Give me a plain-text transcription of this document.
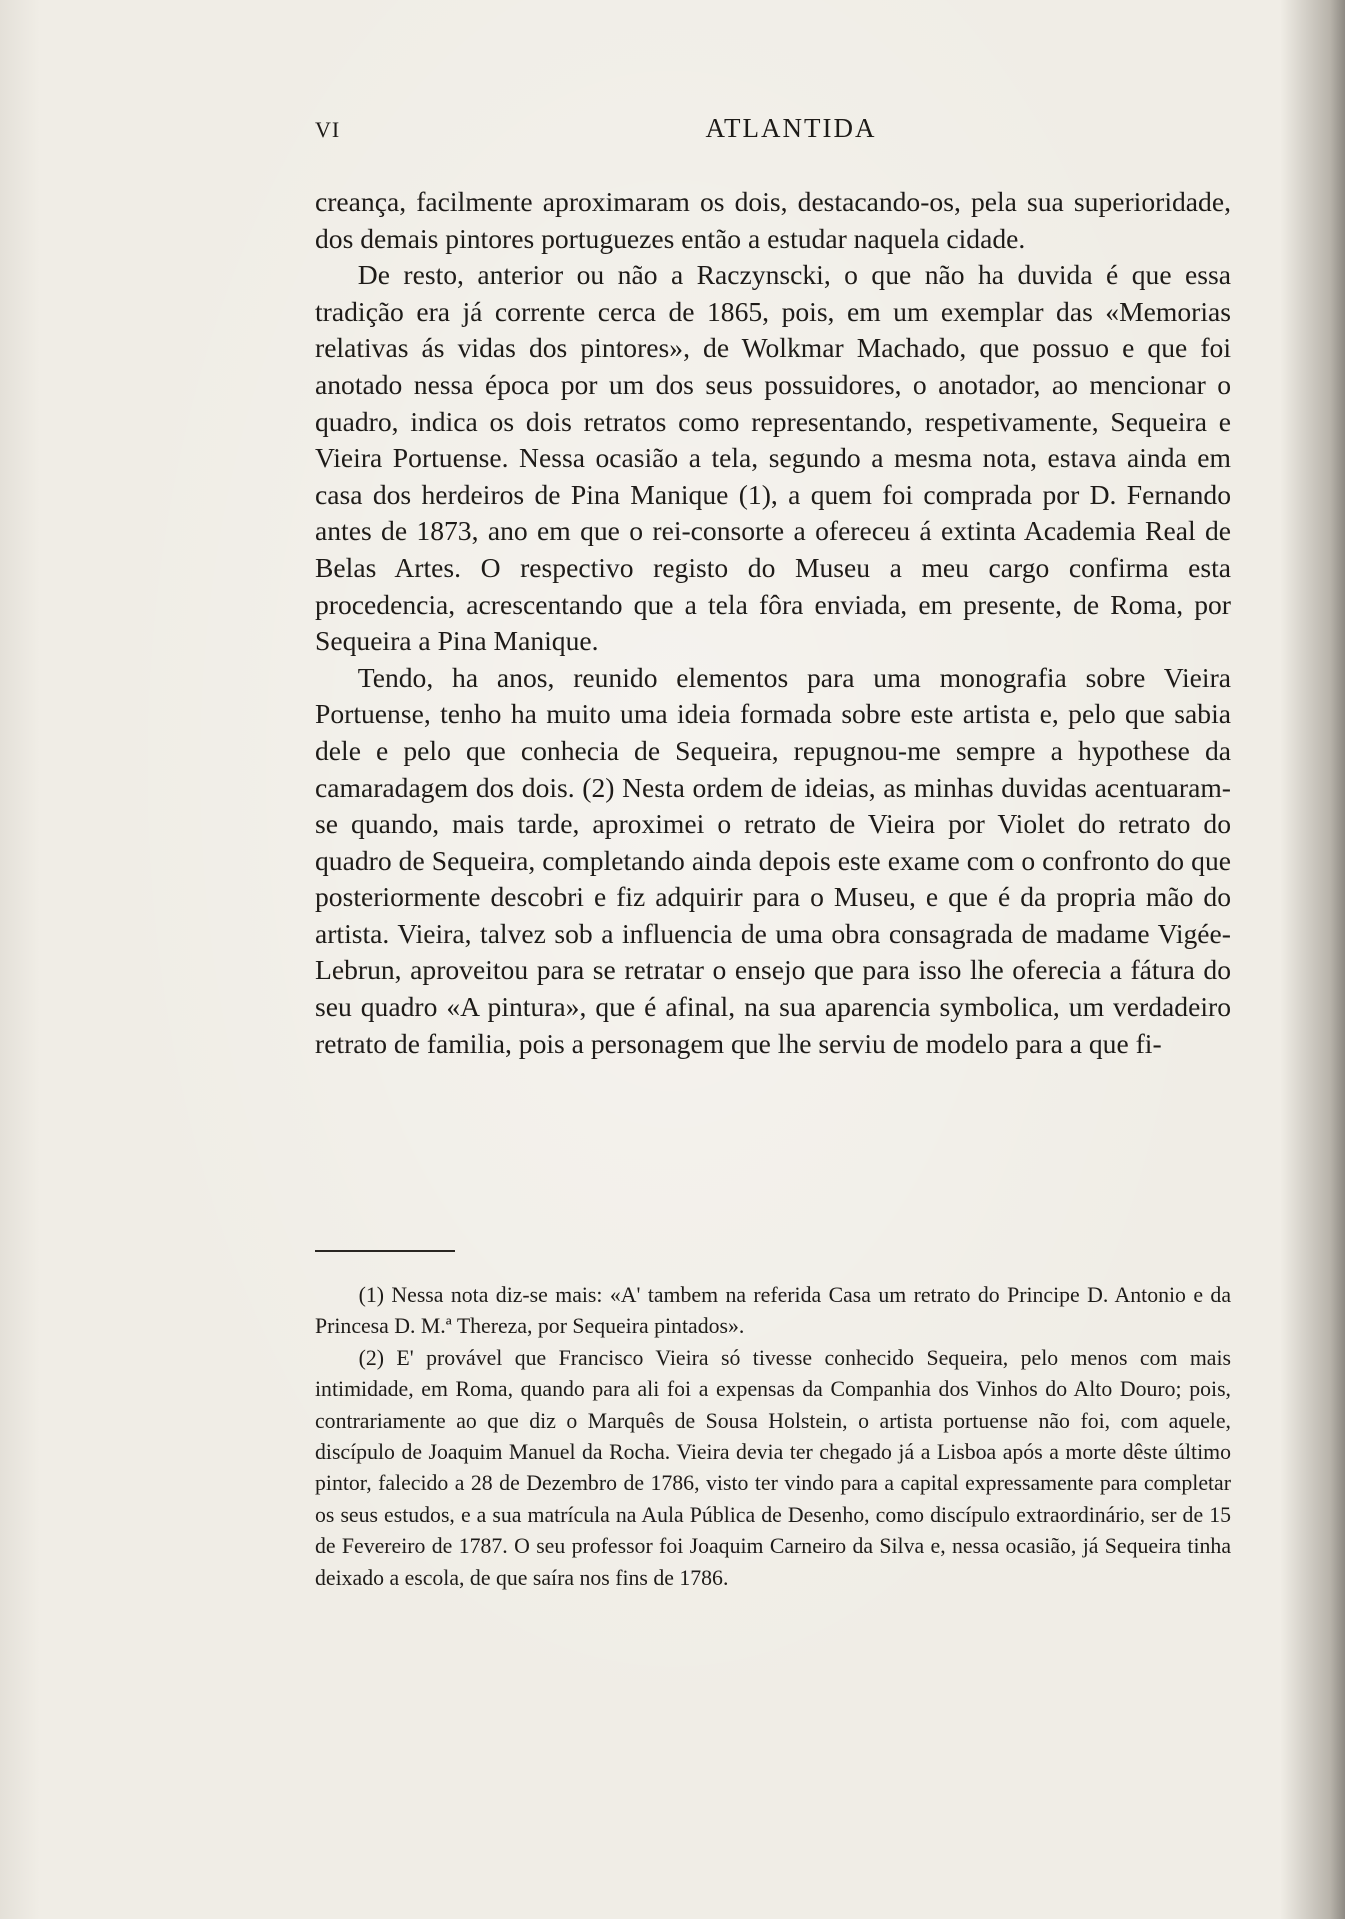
VI	ATLANTIDA

creança, facilmente aproximaram os dois, destacando-os, pela sua superioridade, dos demais pintores portuguezes então a estudar naquela cidade.

De resto, anterior ou não a Raczynscki, o que não ha duvida é que essa tradição era já corrente cerca de 1865, pois, em um exemplar das «Memorias relativas ás vidas dos pintores», de Wolkmar Machado, que possuo e que foi anotado nessa época por um dos seus possuidores, o anotador, ao mencionar o quadro, indica os dois retratos como representando, respetivamente, Sequeira e Vieira Portuense. Nessa ocasião a tela, segundo a mesma nota, estava ainda em casa dos herdeiros de Pina Manique (1), a quem foi comprada por D. Fernando antes de 1873, ano em que o rei-consorte a ofereceu á extinta Academia Real de Belas Artes. O respectivo registo do Museu a meu cargo confirma esta procedencia, acrescentando que a tela fôra enviada, em presente, de Roma, por Sequeira a Pina Manique.

Tendo, ha anos, reunido elementos para uma monografia sobre Vieira Portuense, tenho ha muito uma ideia formada sobre este artista e, pelo que sabia dele e pelo que conhecia de Sequeira, repugnou-me sempre a hypothese da camaradagem dos dois. (2) Nesta ordem de ideias, as minhas duvidas acentuaram-se quando, mais tarde, aproximei o retrato de Vieira por Violet do retrato do quadro de Sequeira, completando ainda depois este exame com o confronto do que posteriormente descobri e fiz adquirir para o Museu, e que é da propria mão do artista. Vieira, talvez sob a influencia de uma obra consagrada de madame Vigée-Lebrun, aproveitou para se retratar o ensejo que para isso lhe oferecia a fátura do seu quadro «A pintura», que é afinal, na sua aparencia symbolica, um verdadeiro retrato de familia, pois a personagem que lhe serviu de modelo para a que fi-

(1) Nessa nota diz-se mais: «A' tambem na referida Casa um retrato do Principe D. Antonio e da Princesa D. M.ª Thereza, por Sequeira pintados».

(2) E' provável que Francisco Vieira só tivesse conhecido Sequeira, pelo menos com mais intimidade, em Roma, quando para ali foi a expensas da Companhia dos Vinhos do Alto Douro; pois, contrariamente ao que diz o Marquês de Sousa Holstein, o artista portuense não foi, com aquele, discípulo de Joaquim Manuel da Rocha. Vieira devia ter chegado já a Lisboa após a morte dêste último pintor, falecido a 28 de Dezembro de 1786, visto ter vindo para a capital expressamente para completar os seus estudos, e a sua matrícula na Aula Pública de Desenho, como discípulo extraordinário, ser de 15 de Fevereiro de 1787. O seu professor foi Joaquim Carneiro da Silva e, nessa ocasião, já Sequeira tinha deixado a escola, de que saíra nos fins de 1786.
